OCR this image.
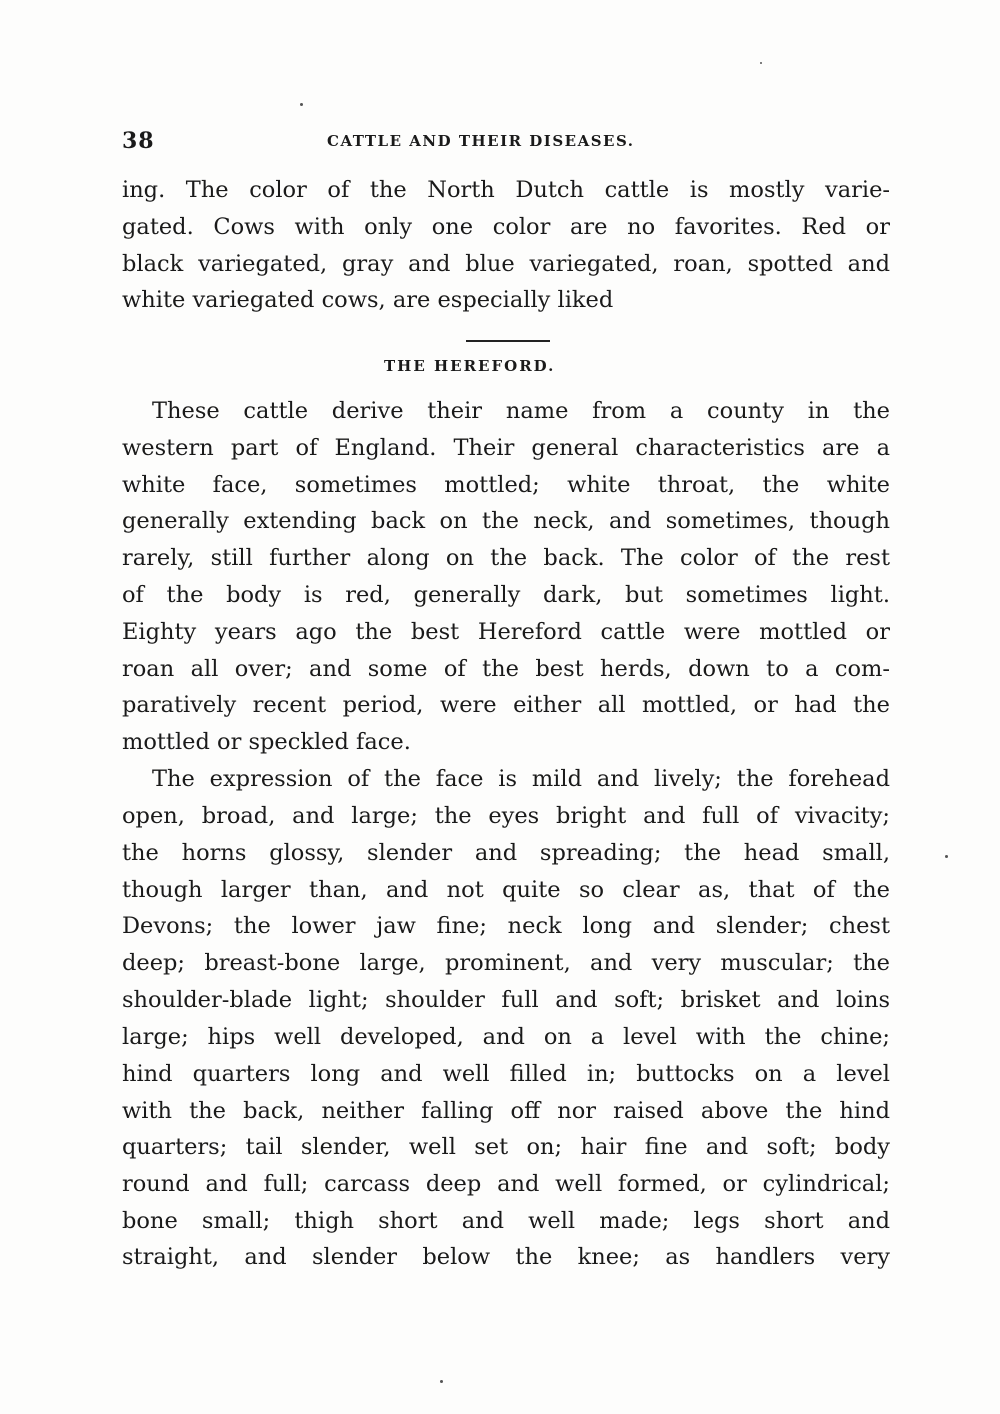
38	CATTLE AND THEIR DISEASES.
ing. The color of the North Dutch cattle is mostly varie-
gated. Cows with only one color are no favorites. Red or
black variegated, gray and blue variegated, roan, spotted and
white variegated cows, are especially liked
THE HEREFORD.
These cattle derive their name from a county in the
western part of England. Their general characteristics are a
white face, sometimes mottled; white throat, the white
generally extending back on the neck, and sometimes, though
rarely, still further along on the back. The color of the rest
of the body is red, generally dark, but sometimes light.
Eighty years ago the best Hereford cattle were mottled or
roan all over; and some of the best herds, down to a com-
paratively recent period, were either all mottled, or had the
mottled or speckled face.
The expression of the face is mild and lively; the forehead
open, broad, and large; the eyes bright and full of vivacity;
the horns glossy, slender and spreading; the head small,
though larger than, and not quite so clear as, that of the
Devons; the lower jaw fine; neck long and slender; chest
deep; breast-bone large, prominent, and very muscular; the
shoulder-blade light; shoulder full and soft; brisket and loins
large; hips well developed, and on a level with the chine;
hind quarters long and well filled in; buttocks on a level
with the back, neither falling off nor raised above the hind
quarters; tail slender, well set on; hair fine and soft; body
round and full; carcass deep and well formed, or cylindrical;
bone small; thigh short and well made; legs short and
straight, and slender below the knee; as handlers very
